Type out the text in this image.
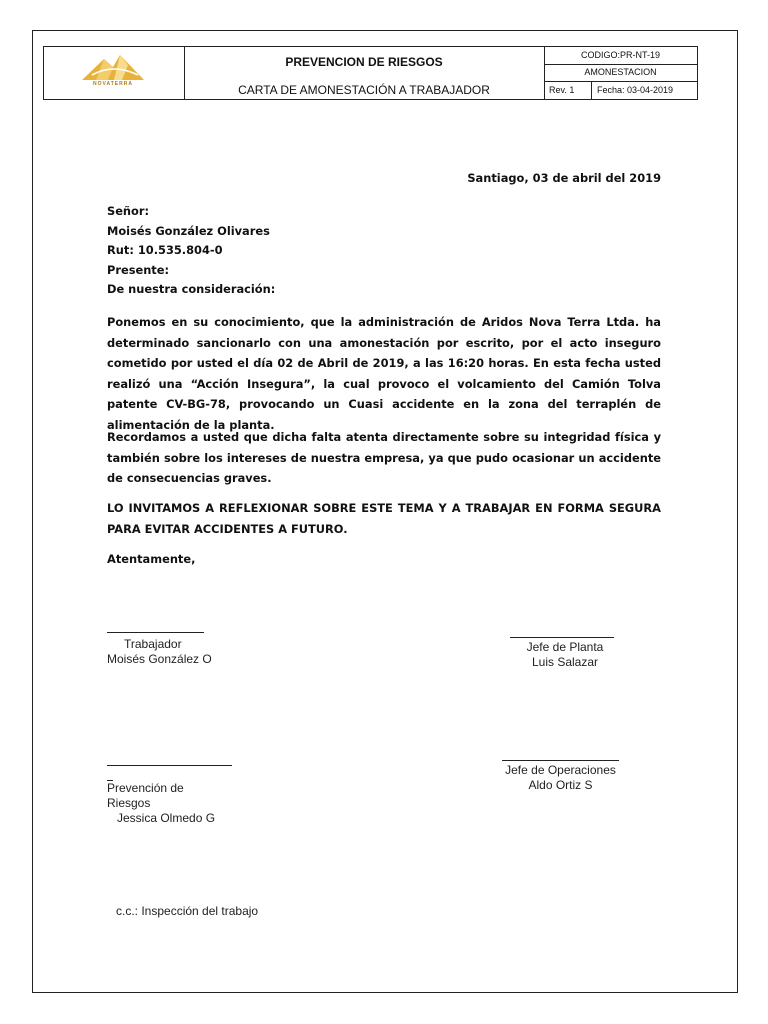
NOVATERRA
PREVENCION DE RIESGOS
CARTA DE AMONESTACIÓN A TRABAJADOR
CODIGO:PR-NT-19
AMONESTACION
Rev. 1	Fecha: 03-04-2019
Santiago, 03 de abril del 2019
Señor:
Moisés González Olivares
Rut: 10.535.804-0
Presente:
De nuestra consideración:
Ponemos en su conocimiento, que la administración de Aridos Nova Terra Ltda. ha determinado sancionarlo con una amonestación por escrito, por el acto inseguro cometido por usted el día 02 de Abril de 2019, a las 16:20 horas. En esta fecha usted realizó una “Acción Insegura”, la cual provoco el volcamiento del Camión Tolva patente CV-BG-78, provocando un Cuasi accidente en la zona del terraplén de alimentación de la planta.
Recordamos a usted que dicha falta atenta directamente sobre su integridad física y también sobre los intereses de nuestra empresa, ya que pudo ocasionar un accidente de consecuencias graves.
LO INVITAMOS A REFLEXIONAR SOBRE ESTE TEMA Y A TRABAJAR EN FORMA SEGURA PARA EVITAR ACCIDENTES A FUTURO.
Atentamente,
Trabajador
Moisés González O
Jefe de Planta
Luis Salazar
Prevención de
Riesgos
Jessica Olmedo G
Jefe de Operaciones
Aldo Ortiz S
c.c.: Inspección del trabajo
